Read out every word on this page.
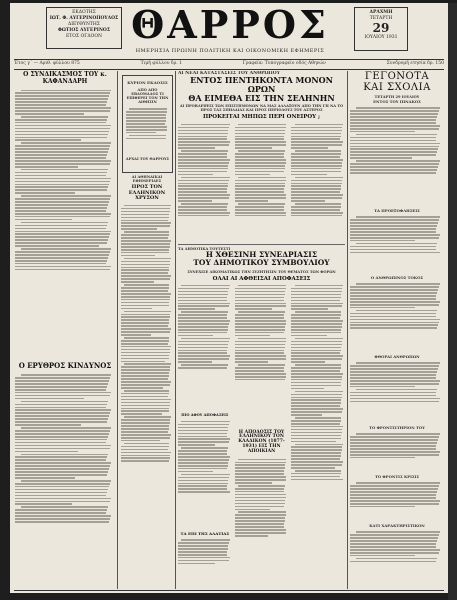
ΕΚΔΟΤΗΣ
ΙΩΤ. Φ. ΑΥΓΕΡΙΝΟΠΟΥΛΟΣ
ΔΙΕΥΘΥΝΤΗΣ
ΦΩΤΙΟΣ ΑΥΓΕΡΙΝΟΣ
ΕΤΟΣ ΟΓΔΟΟΝ ΘΑΡΡΟΣ
ΗΜΕΡΗΣΙΑ ΠΡΩΙΝΗ ΠΟΛΙΤΙΚΗ ΚΑΙ ΟΙΚΟΝΟΜΙΚΗ ΕΦΗΜΕΡΙΣ
ΔΡΑΧΜΗ
ΤΕΤΑΡΤΗ
29
ΙΟΥΛΙΟΥ 1931
Έτος γ΄ — Αριθ. φύλλου 875	Τιμή φύλλου δρ. 1	Γραφεία: Τυπογραφείο οδός Αθηνών	Συνδρομή ετησία δρ. 150
Ο ΣΥΝΔΙΚΑΣΜΟΣ ΤΟΥ κ. ΚΑΦΑΝΔΑΡΗ
Ο ΕΡΥΘΡΟΣ ΚΙΝΔΥΝΟΣ
ΚΥΡΙΟΝ ΕΚΔΟΣΙΣ
ΑΠΟ ΑΠΟ ΕΒΔΟΜΑΔΟΣ ΤΙ ΕΠΙΦΕΡΕΙ ΤΟΝ ΤΗΝ ΑΙΘΗΣΙΝ
ΑΡΧΑΙ ΤΟΥ ΘΑΡΡΟΥΣ
ΑΙ ΑΘΗΝΑΙΚΑΙ ΕΦΗΜΕΡΙΔΕΣ
ΠΡΟΣ ΤΟΝ ΕΛΛΗΝΙΚΟΝ ΧΡΥΣΟΝ
ΑΙ ΝΕΑΙ ΚΑΤΑΣΤΑΣΕΙΣ ΤΟΥ ΑΝΘΡΩΠΟΥ
ΕΝΤΟΣ ΠΕΝΤΗΚΟΝΤΑ ΜΟΝΟΝ ΩΡΩΝ
ΘΑ ΕΙΜΕΘΑ ΕΙΣ ΤΗΝ ΣΕΛΗΝΗΝ
ΑΙ ΠΡΟΒΛΕΨΕΙΣ ΤΩΝ ΕΠΙΣΤΗΜΟΝΩΝ ΝΑ ΜΑΣ ΑΛΛΑΞΟΥΝ ΑΠΟ ΤΗΝ ΓΗ ΝΑ ΤΟ ΠΡΟΣ ΤΑΣ ΣΠΗΛΑΙΑΣ ΚΑΙ ΠΡΟΣ ΠΕΡΙΟΔΟΥΣ ΤΟΥ ΑΣΤΕΡΟΣ
ΠΡΟΚΕΙΤΑΙ ΜΗΠΩΣ ΠΕΡΙ ΟΝΕΙΡΟΥ ;
ΤΑ ΔΗΜΟΤΙΚΑ ΤΟΥΤΕΣΤΙ
Η ΧΘΕΣΙΝΗ ΣΥΝΕΔΡΙΑΣΙΣ
ΤΟΥ ΔΗΜΟΤΙΚΟΥ ΣΥΜΒΟΥΛΙΟΥ
ΣΥΝΕΧΙΣΕ ΔΙΚΟΜΑΤΙΚΩΣ ΤΗΝ ΣΥΖΗΤΗΣΙΝ ΤΟΥ ΘΕΜΑΤΟΣ ΤΩΝ ΦΟΡΩΝ
ΟΛΑΙ ΑΙ ΑΦΘΕΙΣΑΙ ΑΠΟΦΑΣΕΙΣ
ΠΙΟ ΑΦΟΥ ΑΠΟΦΑΣΕΙΣ
ΤΑ ΕΠΙ ΤΗΣ ΑΛΑΤΙΑΣ
Η ΑΠΟΔΟΣΙΣ ΤΟΥ ΕΛΛΗΝΙΚΟΥ ΤΟΝ ΚΛΑΔΙΚΟΝ (1877-1931) ΕΙΣ ΤΗΝ ΑΠΟΙΚΙΑΝ
ΓΕΓΟΝΟΤΑ
ΚΑΙ ΣΧΟΛΙΑ
ΤΕΤΑΡΤΗ 29 ΙΟΥΛΙΟΥ
ΕΝΤΟΣ ΤΟΥ ΠΙΝΑΚΟΣ
ΤΑ ΠΡΟΕΞΟΦΛΗΣΕΙΣ
Ο ΑΝΘΡΩΠΙΝΟΣ ΤΟΚΟΣ
ΦΘΟΡΑΙ ΑΝΘΡΩΠΩΝ
ΤΟ ΦΡΟΝΤΙΣΤΗΡΙΟΝ ΤΟΥ
ΤΟ ΦΡΟΝΤΙΣ ΚΡΙΣΙΣ
ΚΑΤΙ ΧΑΡΑΚΤΗΡΙΣΤΙΚΟΝ
